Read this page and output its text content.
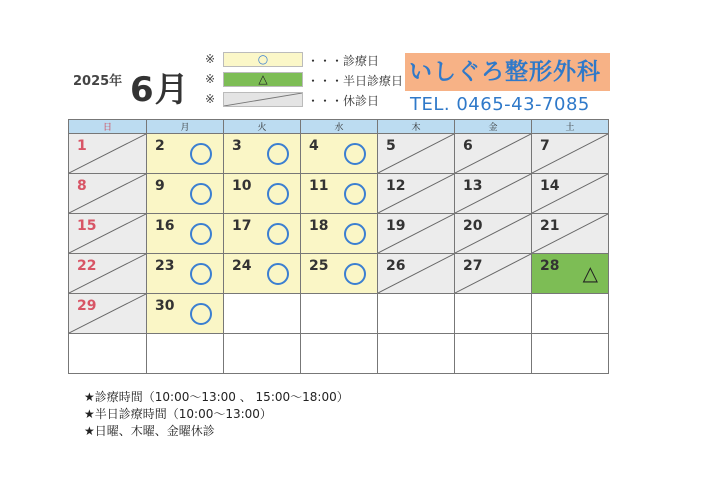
2025年 6月
※	○	・・・診療日
※	△	・・・半日診療日
※	・・・休診日
いしぐろ整形外科
TEL. 0465-43-7085
日	月	火	水	木	金	土

1	2	3	4	5	6	7

8	9	10	11	12	13	14

15	16	17	18	19	20	21

22	23	24	25	26	27	28 △

29	30					

★診療時間（10:00～13:00 、 15:00～18:00）
★半日診療時間（10:00～13:00）
★日曜、木曜、金曜休診
